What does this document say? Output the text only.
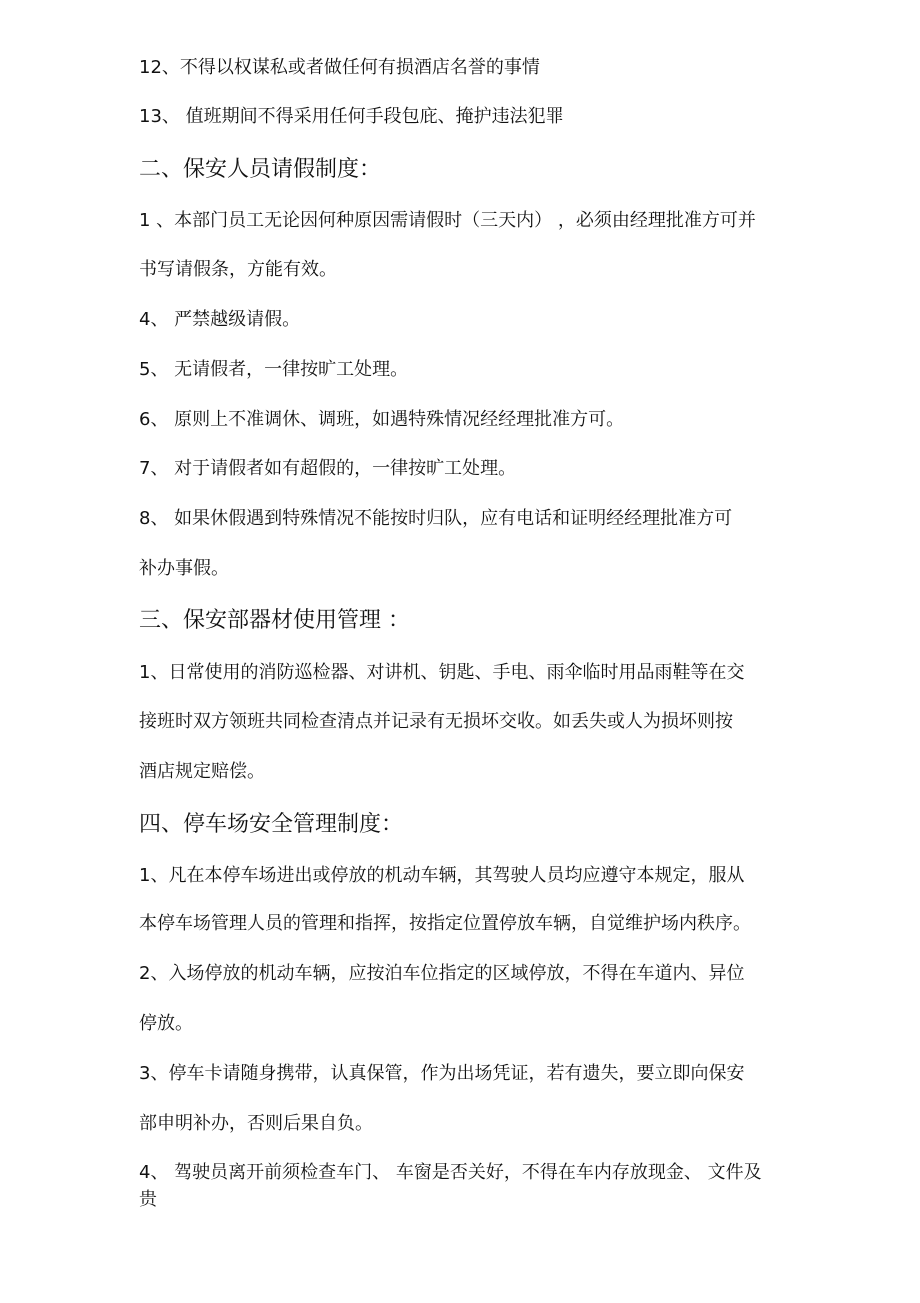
12、不得以权谋私或者做任何有损酒店名誉的事情
13、 值班期间不得采用任何手段包庇、掩护违法犯罪
二、保安人员请假制度：
1 、本部门员工无论因何种原因需请假时（三天内） ，必须由经理批准方可并
书写请假条，方能有效。
4、 严禁越级请假。
5、 无请假者，一律按旷工处理。
6、 原则上不准调休、调班，如遇特殊情况经经理批准方可。
7、 对于请假者如有超假的，一律按旷工处理。
8、 如果休假遇到特殊情况不能按时归队，应有电话和证明经经理批准方可
补办事假。
三、保安部器材使用管理 ：
1、日常使用的消防巡检器、对讲机、钥匙、手电、雨伞临时用品雨鞋等在交
接班时双方领班共同检查清点并记录有无损坏交收。如丢失或人为损坏则按
酒店规定赔偿。
四、停车场安全管理制度：
1、凡在本停车场进出或停放的机动车辆，其驾驶人员均应遵守本规定，服从
本停车场管理人员的管理和指挥，按指定位置停放车辆，自觉维护场内秩序。
2、入场停放的机动车辆，应按泊车位指定的区域停放，不得在车道内、异位
停放。
3、停车卡请随身携带，认真保管，作为出场凭证，若有遗失，要立即向保安
部申明补办，否则后果自负。
4、 驾驶员离开前须检查车门、 车窗是否关好，不得在车内存放现金、 文件及
贵
